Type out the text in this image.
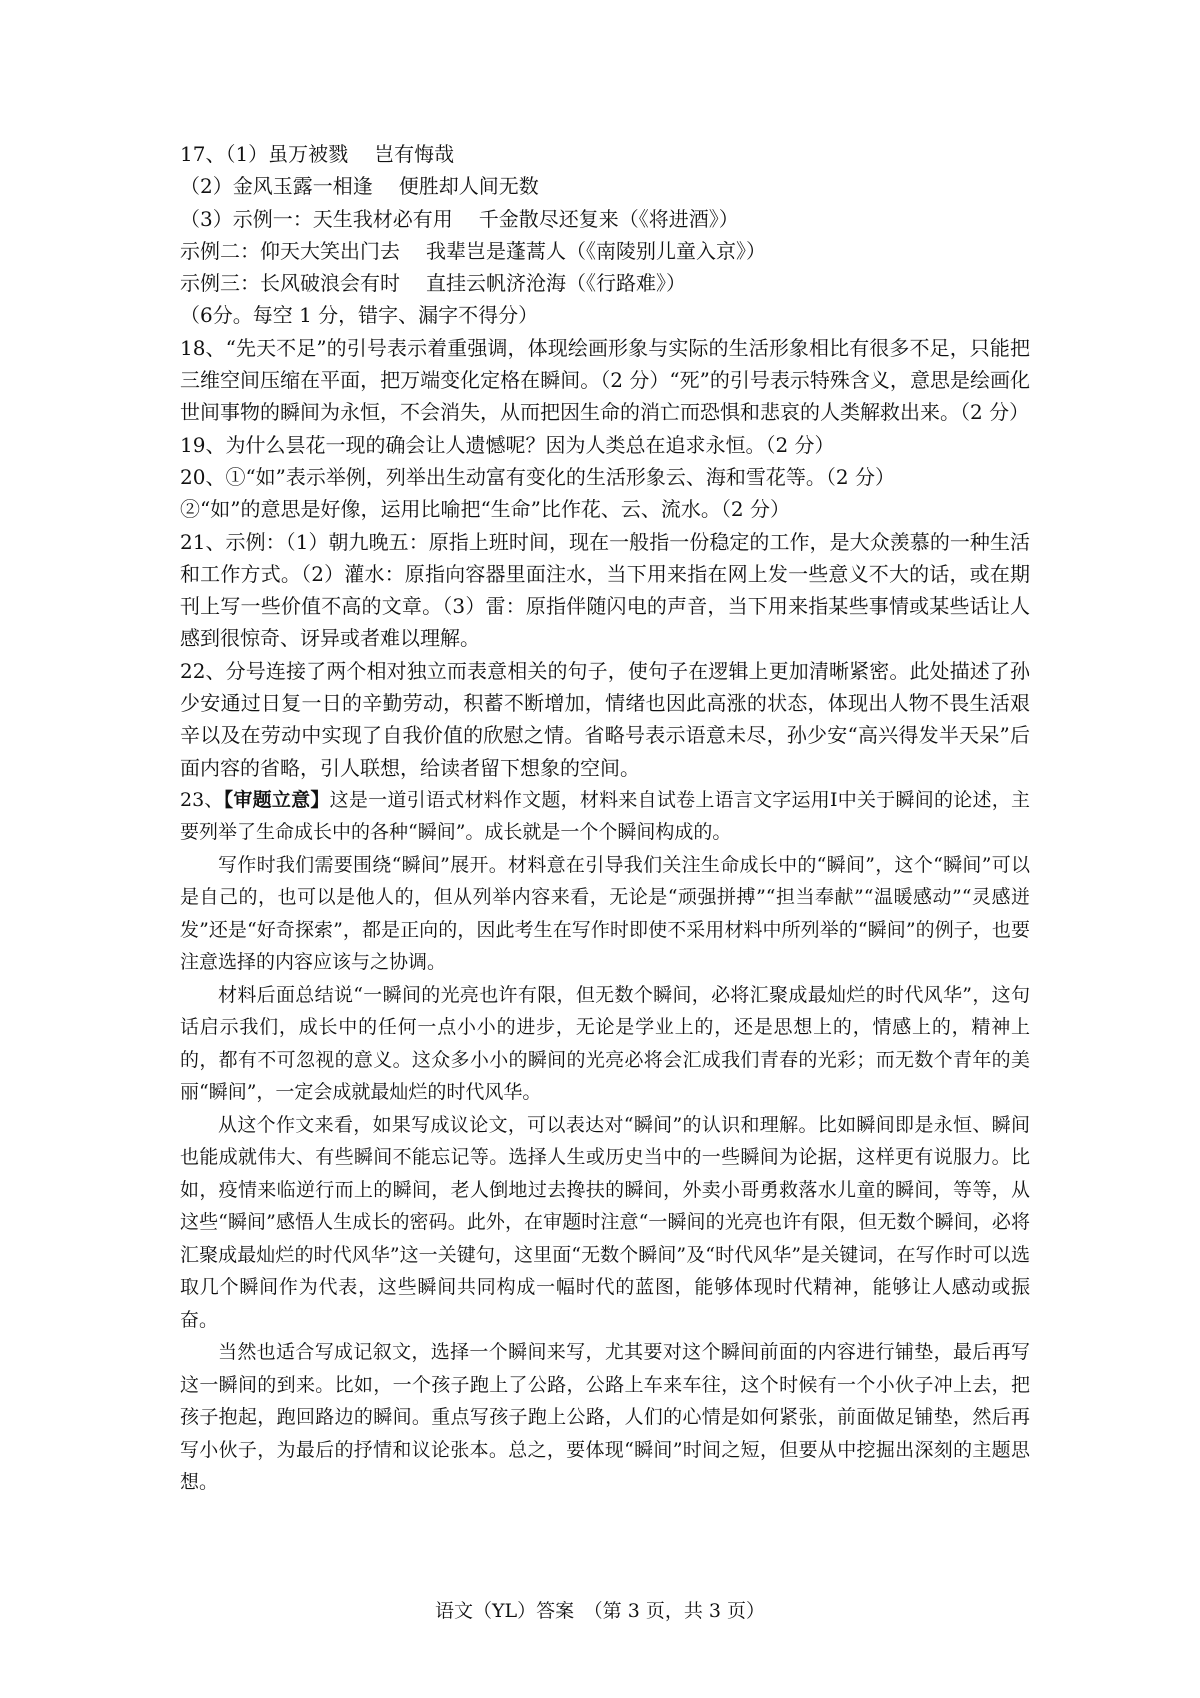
17、（1）虽万被戮 岂有悔哉
（2）金风玉露一相逢 便胜却人间无数
（3）示例一：天生我材必有用 千金散尽还复来（《将进酒》）
示例二：仰天大笑出门去 我辈岂是蓬蒿人（《南陵别儿童入京》）
示例三：长风破浪会有时 直挂云帆济沧海（《行路难》）
（6分。每空 1 分，错字、漏字不得分）
18、“先天不足”的引号表示着重强调，体现绘画形象与实际的生活形象相比有很多不足，只能把三维空间压缩在平面，把万端变化定格在瞬间。（2 分）“死”的引号表示特殊含义，意思是绘画化世间事物的瞬间为永恒，不会消失，从而把因生命的消亡而恐惧和悲哀的人类解救出来。（2 分）
19、为什么昙花一现的确会让人遗憾呢？因为人类总在追求永恒。（2 分）
20、①“如”表示举例，列举出生动富有变化的生活形象云、海和雪花等。（2 分）
②“如”的意思是好像，运用比喻把“生命”比作花、云、流水。（2 分）
21、示例：（1）朝九晚五：原指上班时间，现在一般指一份稳定的工作，是大众羡慕的一种生活和工作方式。（2）灌水：原指向容器里面注水，当下用来指在网上发一些意义不大的话，或在期刊上写一些价值不高的文章。（3）雷：原指伴随闪电的声音，当下用来指某些事情或某些话让人感到很惊奇、讶异或者难以理解。
22、分号连接了两个相对独立而表意相关的句子，使句子在逻辑上更加清晰紧密。此处描述了孙少安通过日复一日的辛勤劳动，积蓄不断增加，情绪也因此高涨的状态，体现出人物不畏生活艰辛以及在劳动中实现了自我价值的欣慰之情。省略号表示语意未尽，孙少安“高兴得发半天呆”后面内容的省略，引人联想，给读者留下想象的空间。
23、【审题立意】这是一道引语式材料作文题，材料来自试卷上语言文字运用Ⅰ中关于瞬间的论述，主要列举了生命成长中的各种“瞬间”。成长就是一个个瞬间构成的。
写作时我们需要围绕“瞬间”展开。材料意在引导我们关注生命成长中的“瞬间”，这个“瞬间”可以是自己的，也可以是他人的，但从列举内容来看，无论是“顽强拼搏”“担当奉献”“温暖感动”“灵感迸发”还是“好奇探索”，都是正向的，因此考生在写作时即使不采用材料中所列举的“瞬间”的例子，也要注意选择的内容应该与之协调。
材料后面总结说“一瞬间的光亮也许有限，但无数个瞬间，必将汇聚成最灿烂的时代风华”，这句话启示我们，成长中的任何一点小小的进步，无论是学业上的，还是思想上的，情感上的，精神上的，都有不可忽视的意义。这众多小小的瞬间的光亮必将会汇成我们青春的光彩；而无数个青年的美丽“瞬间”，一定会成就最灿烂的时代风华。
从这个作文来看，如果写成议论文，可以表达对“瞬间”的认识和理解。比如瞬间即是永恒、瞬间也能成就伟大、有些瞬间不能忘记等。选择人生或历史当中的一些瞬间为论据，这样更有说服力。比如，疫情来临逆行而上的瞬间，老人倒地过去搀扶的瞬间，外卖小哥勇救落水儿童的瞬间，等等，从这些“瞬间”感悟人生成长的密码。此外，在审题时注意“一瞬间的光亮也许有限，但无数个瞬间，必将汇聚成最灿烂的时代风华”这一关键句，这里面“无数个瞬间”及“时代风华”是关键词，在写作时可以选取几个瞬间作为代表，这些瞬间共同构成一幅时代的蓝图，能够体现时代精神，能够让人感动或振奋。
当然也适合写成记叙文，选择一个瞬间来写，尤其要对这个瞬间前面的内容进行铺垫，最后再写这一瞬间的到来。比如，一个孩子跑上了公路，公路上车来车往，这个时候有一个小伙子冲上去，把孩子抱起，跑回路边的瞬间。重点写孩子跑上公路，人们的心情是如何紧张，前面做足铺垫，然后再写小伙子，为最后的抒情和议论张本。总之，要体现“瞬间”时间之短，但要从中挖掘出深刻的主题思想。
语文（YL）答案　（第 3 页，共 3 页）
